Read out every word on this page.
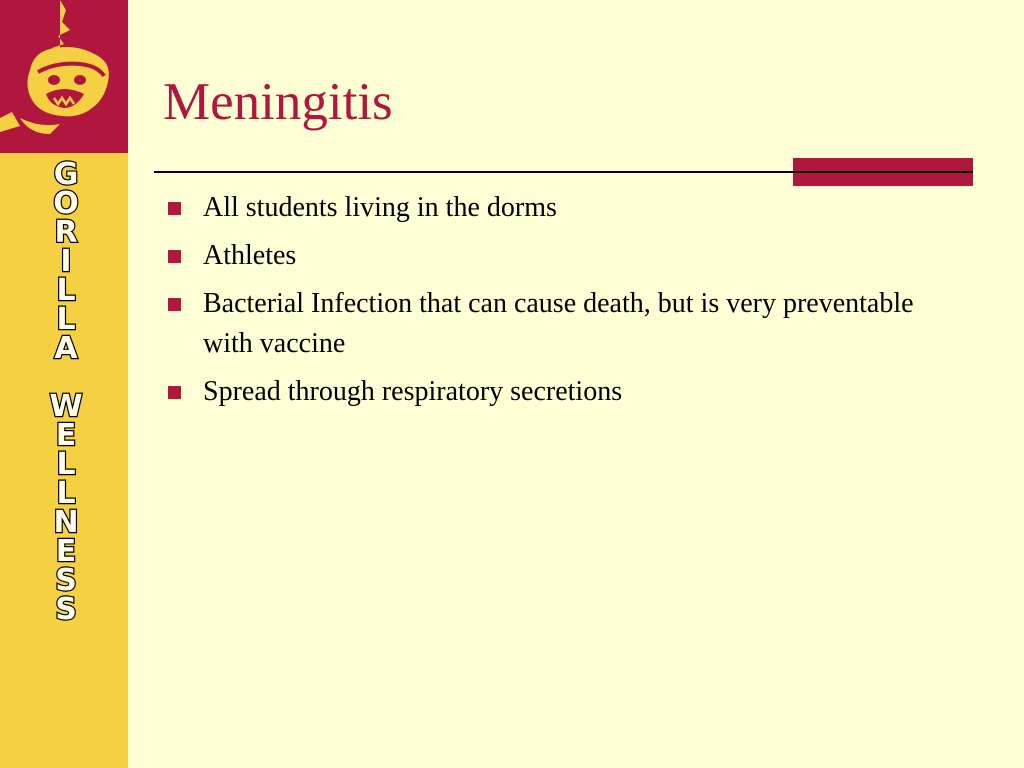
G
O
R
I
L
L
A

W
E
L
L
N
E
S
S
Meningitis
All students living in the dorms
Athletes
Bacterial Infection that can cause death, but is very preventable with vaccine
Spread through respiratory secretions
